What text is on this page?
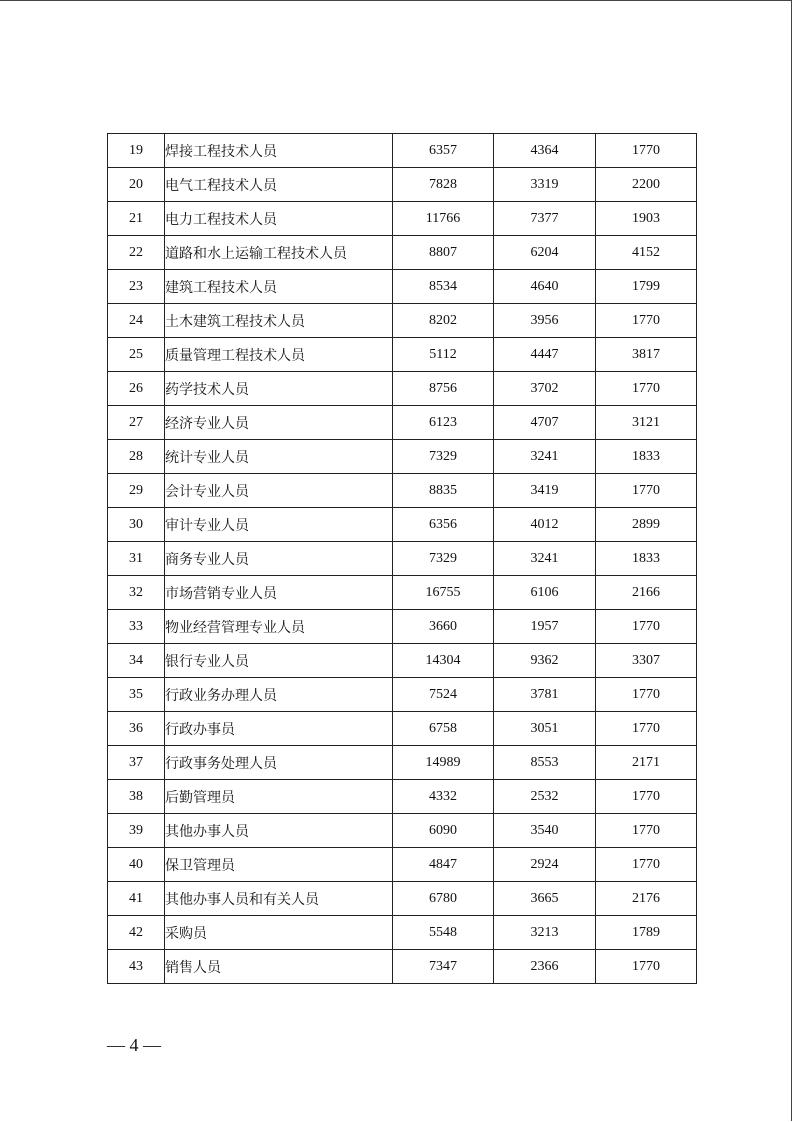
19	焊接工程技术人员	6357	4364	1770
20	电气工程技术人员	7828	3319	2200
21	电力工程技术人员	11766	7377	1903
22	道路和水上运输工程技术人员	8807	6204	4152
23	建筑工程技术人员	8534	4640	1799
24	土木建筑工程技术人员	8202	3956	1770
25	质量管理工程技术人员	5112	4447	3817
26	药学技术人员	8756	3702	1770
27	经济专业人员	6123	4707	3121
28	统计专业人员	7329	3241	1833
29	会计专业人员	8835	3419	1770
30	审计专业人员	6356	4012	2899
31	商务专业人员	7329	3241	1833
32	市场营销专业人员	16755	6106	2166
33	物业经营管理专业人员	3660	1957	1770
34	银行专业人员	14304	9362	3307
35	行政业务办理人员	7524	3781	1770
36	行政办事员	6758	3051	1770
37	行政事务处理人员	14989	8553	2171
38	后勤管理员	4332	2532	1770
39	其他办事人员	6090	3540	1770
40	保卫管理员	4847	2924	1770
41	其他办事人员和有关人员	6780	3665	2176
42	采购员	5548	3213	1789
43	销售人员	7347	2366	1770
— 4 —
